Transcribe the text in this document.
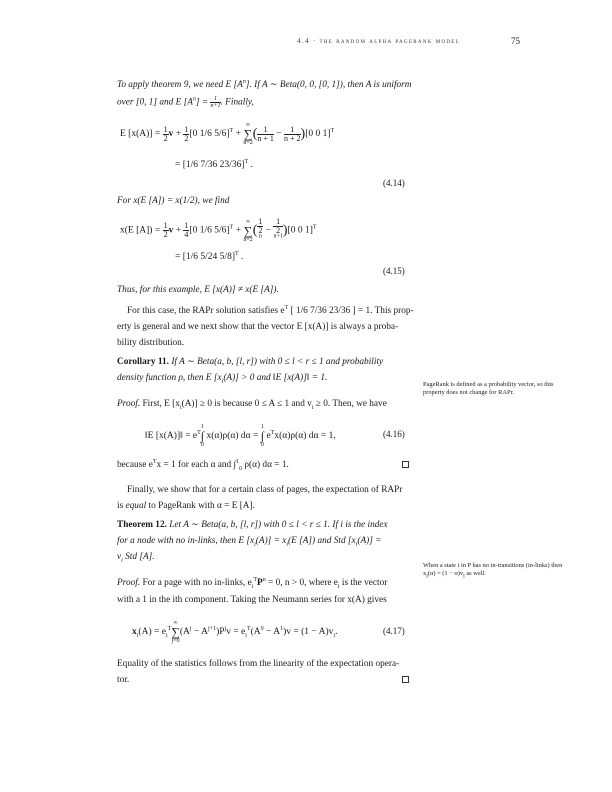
4.4 · the random alpha pagerank model	75
To apply theorem 9, we need E $[A^n]$. If A ∼ Beta(0, 0, [0, 1]), then A is uniform
over [0, 1] and E $[A^n] = \frac{1}{n+1}$ . Finally,
E $[x(A)] = \frac{1}{2}$ $v + \frac{1}{2} [0$ 1/6 5/6]$^T$ + ∞
∑
$n=2( \frac{1}{n + 1} - \frac{1}{n + 2} )[0$ 0 1]$^T$
= [1/6 7/36 23/36]$^T$ .
(4.14)
For x(E [A]) = x(1/2), we find
x(E $[A]) = \frac{1}{2}$ $v + \frac{1}{4} [0$ 1/6 5/6]$^T$ + ∞
∑
n=2( 1
2
$^n$ − 1
2
$^{n+1}$ )[0 0 1]$^T$
= [1/6 5/24 5/8]$^T$ .
(4.15)
Thus, for this example, E [x(A)] ≠ x(E [A]).
For this case, the RAPr solution satisfies $e^T$ [ 1/6 7/36 23/36 ] = 1. This prop-
erty is general and we next show that the vector E [x(A)] is always a proba-
bility distribution.
Corollary 11. If A ∼ Beta(a, b, [l, r]) with 0 ≤ l < r ≤ 1 and probability
density function ρ, then E $[x_i(A)] > 0$ and ‖E [x(A)]‖ = 1.
Proof. First, E $[x_i(A)] \ge 0$ is because 0 ≤ A ≤ 1 and $v_i \ge 0$. Then, we have
‖E [x(A)]‖ = $e^T1$
∫
0 x(α)ρ(α) dα = 1
∫
0 $e^Tx(\alpha)\rho(\alpha) d\alpha = 1$,	(4.16)
because $e^Tx = 1$ for each α and ∫$^1_0$ ρ(α) dα = 1.
Finally, we show that for a certain class of pages, the expectation of RAPr
is equal to PageRank with α = E [A].
Theorem 12. Let A ∼ Beta(a, b, [l, r]) with 0 ≤ l < r ≤ 1. If i is the index
for a node with no in-links, then E $[x_i(A)] = x_i(E$ [A]) and Std $[x_i(A)]$ =
$v_i$ Std [A].
Proof. For a page with no in-links, $e_i^TP^n = 0$, n > 0, where $e_i$ is the vector
with a 1 in the ith component. Taking the Neumann series for x(A) gives
$x_i(A) = e_i^T\infty$
∑
$j=0(A^j - A^{j+1})P^jv = e_i^T(A^0 - A^1)v = (1 - A)v_i$.	(4.17)
Equality of the statistics follows from the linearity of the expectation opera-
tor.
PageRank is defined as a probability vector, so this property does not change for RAPr.
When a state i in P has no in-transitions (in-links) then $x_i(\alpha) = (1 - \alpha)v_i$ as well.
